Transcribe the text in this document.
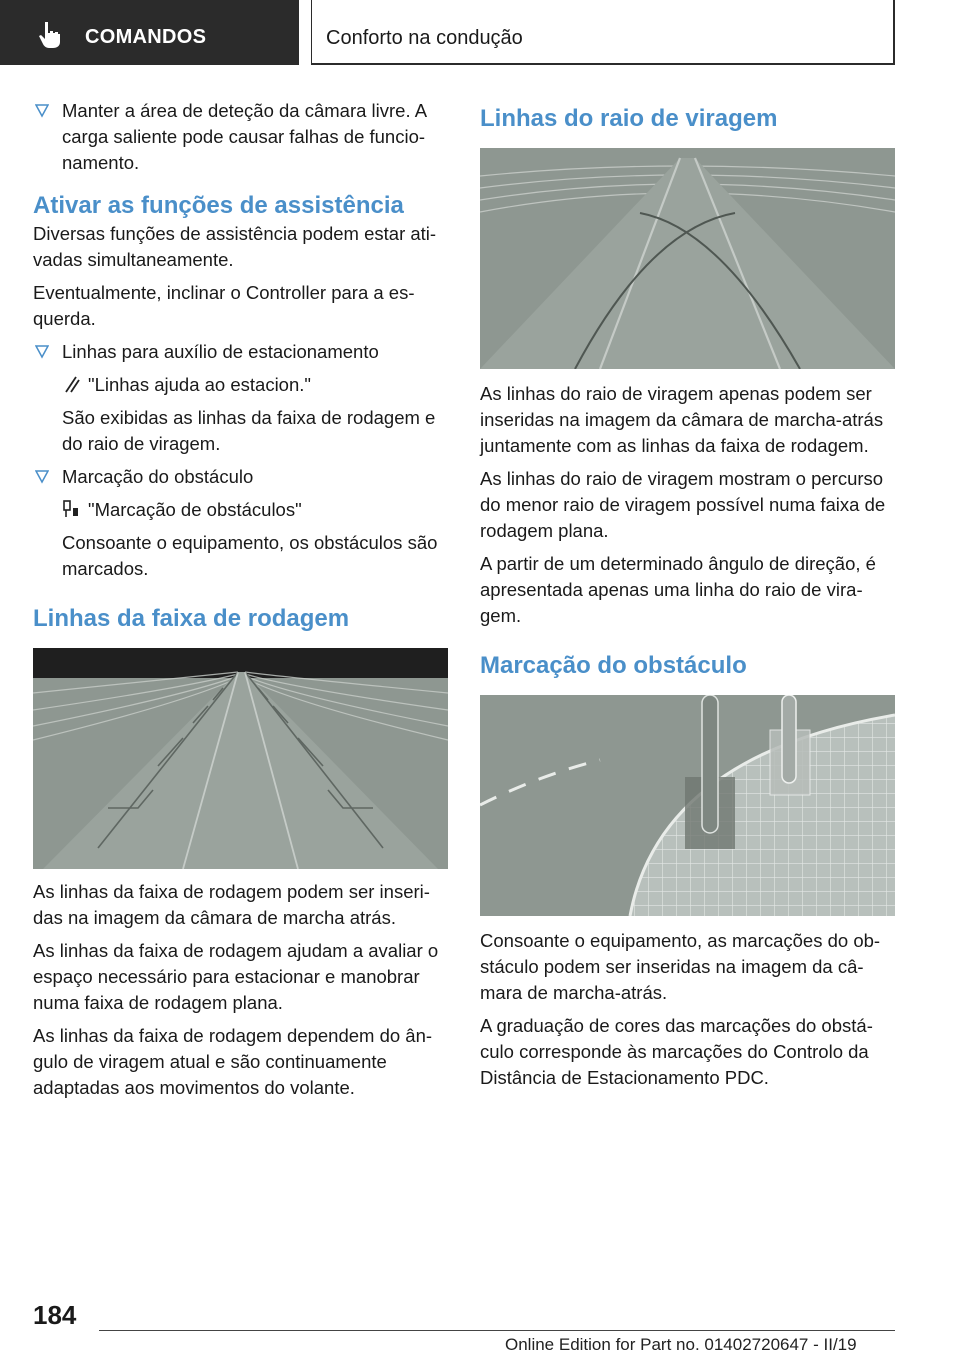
COMANDOS	Conforto na condução
Manter a área de deteção da câmara livre. A carga saliente pode causar falhas de funcionamento.
Ativar as funções de assistência

Diversas funções de assistência podem estar ativadas simultaneamente.

Eventualmente, inclinar o Controller para a esquerda.

Linhas para auxílio de estacionamento
"Linhas ajuda ao estacion."

São exibidas as linhas da faixa de rodagem e do raio de viragem.

Marcação do obstáculo
"Marcação de obstáculos"

Consoante o equipamento, os obstáculos são marcados.

Linhas da faixa de rodagem

As linhas da faixa de rodagem podem ser inseridas na imagem da câmara de marcha atrás.

As linhas da faixa de rodagem ajudam a avaliar o espaço necessário para estacionar e manobrar numa faixa de rodagem plana.

As linhas da faixa de rodagem dependem do ângulo de viragem atual e são continuamente adaptadas aos movimentos do volante.

Linhas do raio de viragem

As linhas do raio de viragem apenas podem ser inseridas na imagem da câmara de marcha-atrás juntamente com as linhas da faixa de rodagem.

As linhas do raio de viragem mostram o percurso do menor raio de viragem possível numa faixa de rodagem plana.

A partir de um determinado ângulo de direção, é apresentada apenas uma linha do raio de viragem.

Marcação do obstáculo

Consoante o equipamento, as marcações do obstáculo podem ser inseridas na imagem da câmara de marcha-atrás.

A graduação de cores das marcações do obstáculo corresponde às marcações do Controlo da Distância de Estacionamento PDC.

184
Online Edition for Part no. 01402720647 - II/19
